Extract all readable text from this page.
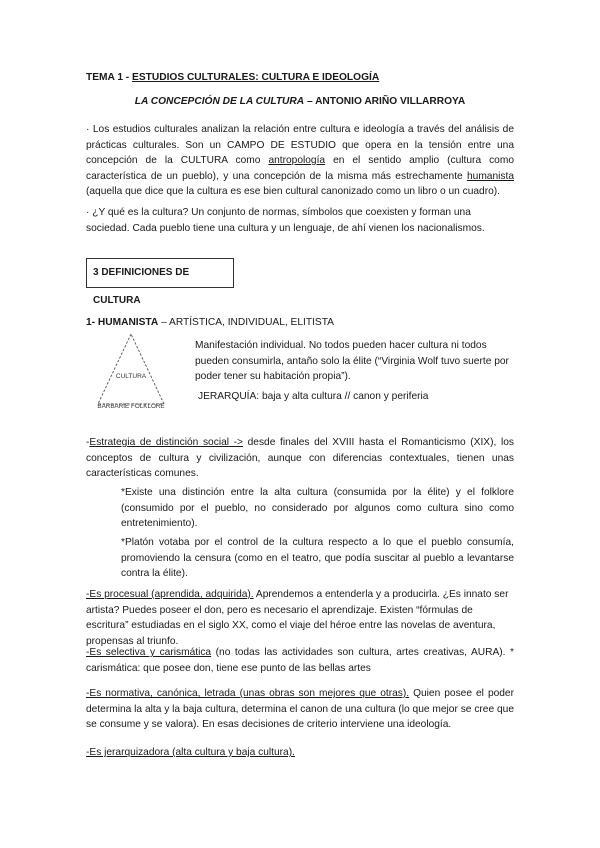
TEMA 1 - ESTUDIOS CULTURALES: CULTURA E IDEOLOGÍA
LA CONCEPCIÓN DE LA CULTURA – ANTONIO ARIÑO VILLARROYA
· Los estudios culturales analizan la relación entre cultura e ideología a través del análisis de prácticas culturales. Son un CAMPO DE ESTUDIO que opera en la tensión entre una concepción de la CULTURA como antropología en el sentido amplio (cultura como característica de un pueblo), y una concepción de la misma más estrechamente humanista (aquella que dice que la cultura es ese bien cultural canonizado como un libro o un cuadro).
· ¿Y qué es la cultura? Un conjunto de normas, símbolos que coexisten y forman una sociedad. Cada pueblo tiene una cultura y un lenguaje, de ahí vienen los nacionalismos.
3 DEFINICIONES DE CULTURA
1- HUMANISTA – ARTÍSTICA, INDIVIDUAL, ELITISTA
CULTURA
BARBARIE FOLKLORE
Manifestación individual. No todos pueden hacer cultura ni todos pueden consumirla, antaño solo la élite (“Virginia Wolf tuvo suerte por poder tener su habitación propia”).
JERARQUÍA: baja y alta cultura // canon y periferia
-Estrategia de distinción social -> desde finales del XVIII hasta el Romanticismo (XIX), los conceptos de cultura y civilización, aunque con diferencias contextuales, tienen unas características comunes.
*Existe una distinción entre la alta cultura (consumida por la élite) y el folklore (consumido por el pueblo, no considerado por algunos como cultura sino como entretenimiento).
*Platón votaba por el control de la cultura respecto a lo que el pueblo consumía, promoviendo la censura (como en el teatro, que podía suscitar al pueblo a levantarse contra la élite).
-Es procesual (aprendida, adquirida). Aprendemos a entenderla y a producirla. ¿Es innato ser artista? Puedes poseer el don, pero es necesario el aprendizaje. Existen “fórmulas de escritura” estudiadas en el siglo XX, como el viaje del héroe entre las novelas de aventura, propensas al triunfo.
-Es selectiva y carismática (no todas las actividades son cultura, artes creativas, AURA). * carismática: que posee don, tiene ese punto de las bellas artes
-Es normativa, canónica, letrada (unas obras son mejores que otras). Quien posee el poder determina la alta y la baja cultura, determina el canon de una cultura (lo que mejor se cree que se consume y se valora). En esas decisiones de criterio interviene una ideología.
-Es jerarquizadora (alta cultura y baja cultura).
